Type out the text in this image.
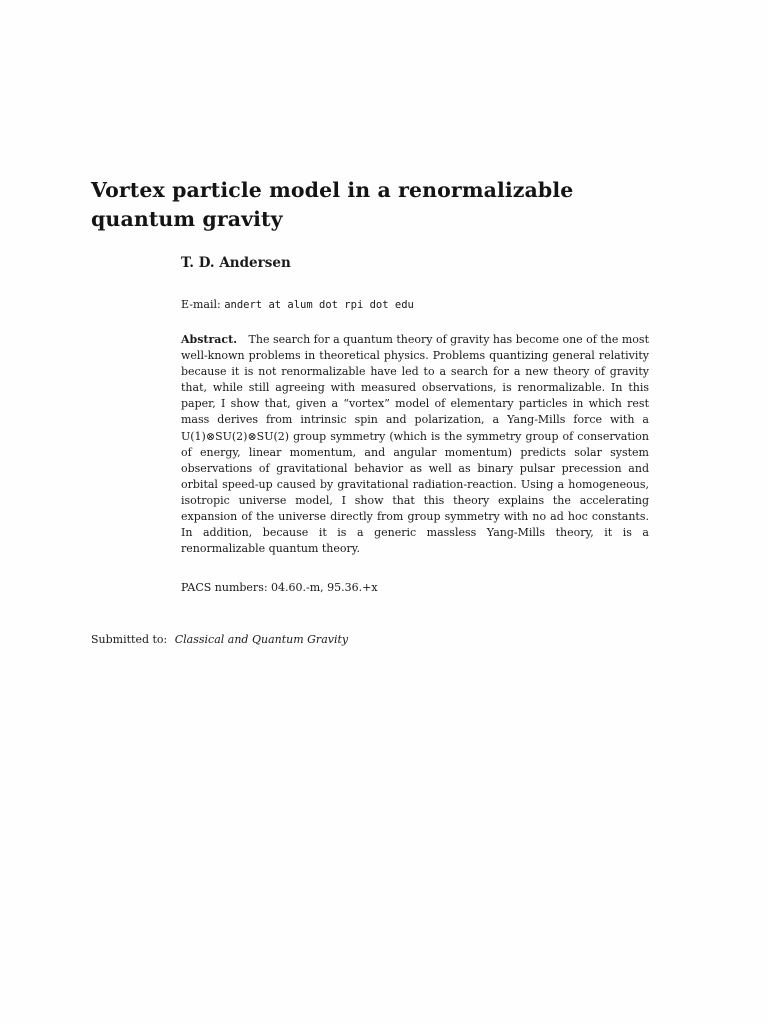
Vortex particle model in a renormalizable quantum gravity

T. D. Andersen

E-mail: andert at alum dot rpi dot edu

Abstract. The search for a quantum theory of gravity has become one of the most well-known problems in theoretical physics. Problems quantizing general relativity because it is not renormalizable have led to a search for a new theory of gravity that, while still agreeing with measured observations, is renormalizable. In this paper, I show that, given a “vortex” model of elementary particles in which rest mass derives from intrinsic spin and polarization, a Yang-Mills force with a U(1)⊗SU(2)⊗SU(2) group symmetry (which is the symmetry group of conservation of energy, linear momentum, and angular momentum) predicts solar system observations of gravitational behavior as well as binary pulsar precession and orbital speed-up caused by gravitational radiation-reaction. Using a homogeneous, isotropic universe model, I show that this theory explains the accelerating expansion of the universe directly from group symmetry with no ad hoc constants. In addition, because it is a generic massless Yang-Mills theory, it is a renormalizable quantum theory.

PACS numbers: 04.60.-m, 95.36.+x

Submitted to: Classical and Quantum Gravity
